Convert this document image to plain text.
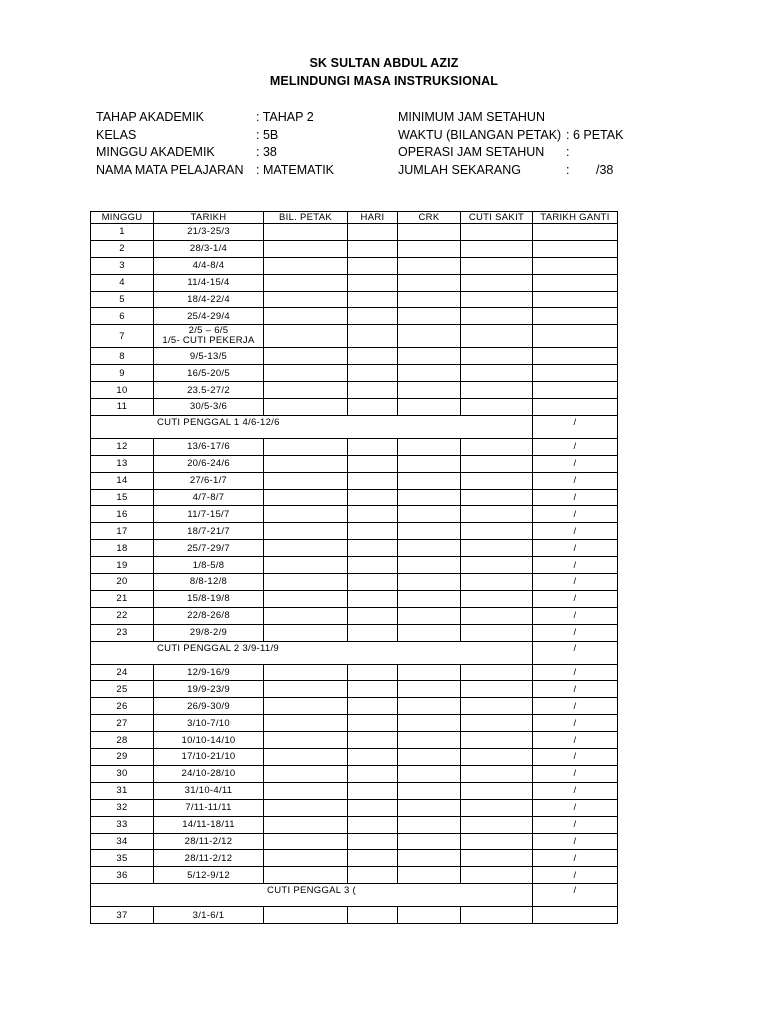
SK SULTAN ABDUL AZIZ
MELINDUNGI MASA INSTRUKSIONAL
TAHAP AKADEMIK	: TAHAP 2	MINIMUM JAM SETAHUN
KELAS	: 5B	WAKTU (BILANGAN PETAK) : 6 PETAK
MINGGU AKADEMIK	: 38	OPERASI JAM SETAHUN :
NAMA MATA PELAJARAN : MATEMATIK	JUMLAH SEKARANG	: /38
MINGGU	TARIKH	BIL. PETAK	HARI	CRK	CUTI SAKIT	TARIKH GANTI
1	21/3-25/3					
2	28/3-1/4					
3	4/4-8/4					
4	11/4-15/4					
5	18/4-22/4					
6	25/4-29/4					
7	2/5 – 6/5
1/5- CUTI PEKERJA					

8	9/5-13/5					
9	16/5-20/5					
10	23.5-27/2					
11	30/5-3/6					
CUTI PENGGAL 1 4/6-12/6						/
12	13/6-17/6					/
13	20/6-24/6					/
14	27/6-1/7					/
15	4/7-8/7					/
16	11/7-15/7					/
17	18/7-21/7					/
18	25/7-29/7					/
19	1/8-5/8					/
20	8/8-12/8					/
21	15/8-19/8					/
22	22/8-26/8					/
23	29/8-2/9					/
CUTI PENGGAL 2 3/9-11/9						/
24	12/9-16/9					/
25	19/9-23/9					/
26	26/9-30/9					/
27	3/10-7/10					/
28	10/10-14/10					/
29	17/10-21/10					/
30	24/10-28/10					/
31	31/10-4/11					/
32	7/11-11/11					/
33	14/11-18/11					/
34	28/11-2/12					/
35	28/11-2/12					/
36	5/12-9/12					/
CUTI PENGGAL 3 (						/
37	3/1-6/1					
